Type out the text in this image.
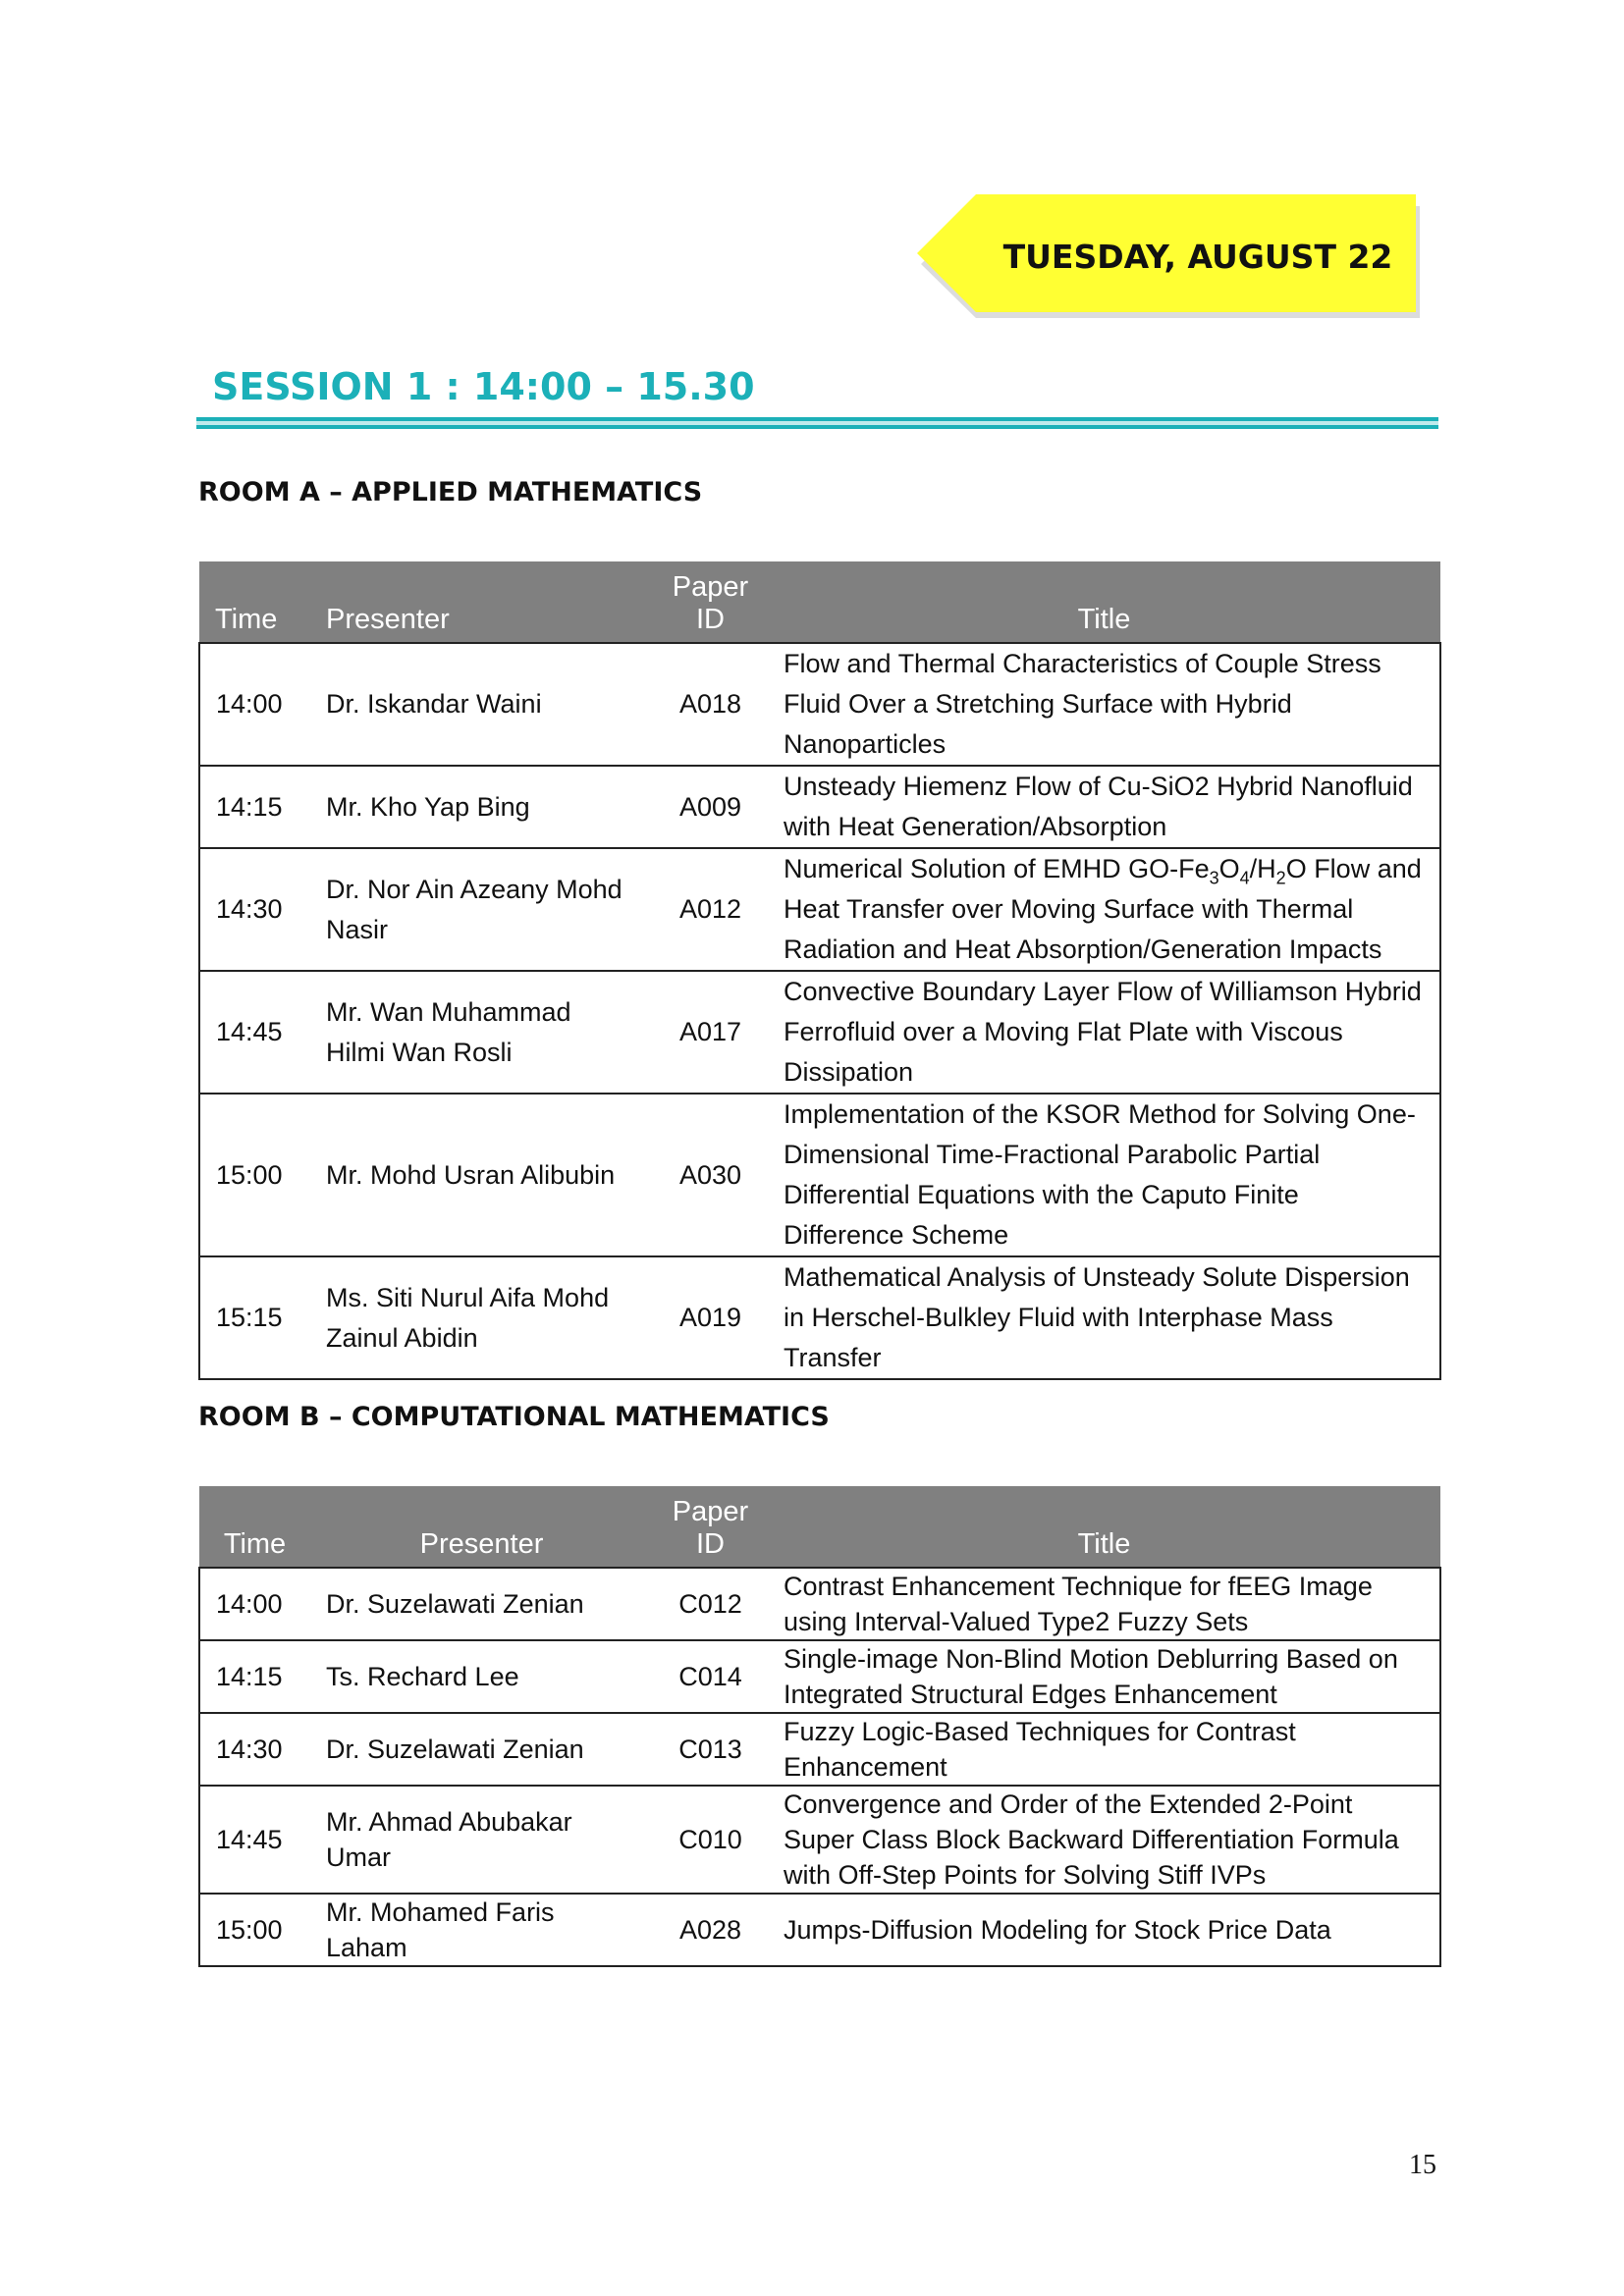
TUESDAY, AUGUST 22
SESSION 1 : 14:00 – 15.30
ROOM A – APPLIED MATHEMATICS
Time	Presenter	Paper ID	Title
14:00	Dr. Iskandar Waini	A018	Flow and Thermal Characteristics of Couple Stress Fluid Over a Stretching Surface with Hybrid Nanoparticles
14:15	Mr. Kho Yap Bing	A009	Unsteady Hiemenz Flow of Cu-SiO2 Hybrid Nanofluid with Heat Generation/Absorption
14:30	Dr. Nor Ain Azeany Mohd Nasir	A012	Numerical Solution of EMHD $GO-Fe_3O_4/H_2O$ Flow and Heat Transfer over Moving Surface with Thermal Radiation and Heat Absorption/Generation Impacts
14:45	Mr. Wan Muhammad Hilmi Wan Rosli	A017	Convective Boundary Layer Flow of Williamson Hybrid Ferrofluid over a Moving Flat Plate with Viscous Dissipation
15:00	Mr. Mohd Usran Alibubin	A030	Implementation of the KSOR Method for Solving One-Dimensional Time-Fractional Parabolic Partial Differential Equations with the Caputo Finite Difference Scheme
15:15	Ms. Siti Nurul Aifa Mohd Zainul Abidin	A019	Mathematical Analysis of Unsteady Solute Dispersion in Herschel-Bulkley Fluid with Interphase Mass Transfer
ROOM B – COMPUTATIONAL MATHEMATICS
Time	Presenter	Paper ID	Title
14:00	Dr. Suzelawati Zenian	C012	Contrast Enhancement Technique for fEEG Image using Interval-Valued Type2 Fuzzy Sets
14:15	Ts. Rechard Lee	C014	Single-image Non-Blind Motion Deblurring Based on Integrated Structural Edges Enhancement
14:30	Dr. Suzelawati Zenian	C013	Fuzzy Logic-Based Techniques for Contrast Enhancement
14:45	Mr. Ahmad Abubakar Umar	C010	Convergence and Order of the Extended 2-Point Super Class Block Backward Differentiation Formula with Off-Step Points for Solving Stiff IVPs
15:00	Mr. Mohamed Faris Laham	A028	Jumps-Diffusion Modeling for Stock Price Data
15
